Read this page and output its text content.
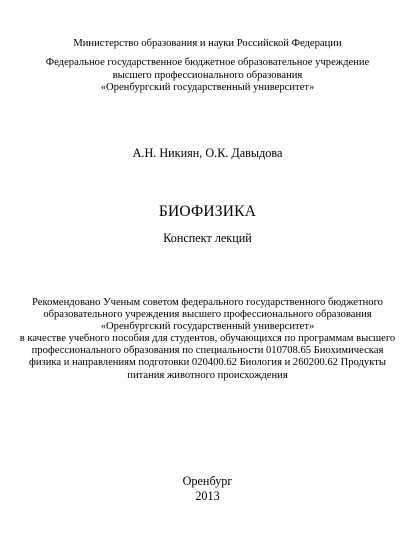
Министерство образования и науки Российской Федерации
Федеральное государственное бюджетное образовательное учреждение
высшего профессионального образования
«Оренбургский государственный университет»
А.Н. Никиян, О.К. Давыдова
БИОФИЗИКА
Конспект лекций
Рекомендовано Ученым советом федерального государственного бюджетного
образовательного учреждения высшего профессионального образования
«Оренбургский государственный университет»
в качестве учебного пособия для студентов, обучающихся по программам высшего
профессионального образования по специальности 010708.65 Биохимическая
физика и направлениям подготовки 020400.62 Биология и 260200.62 Продукты
питания животного происхождения
Оренбург
2013
